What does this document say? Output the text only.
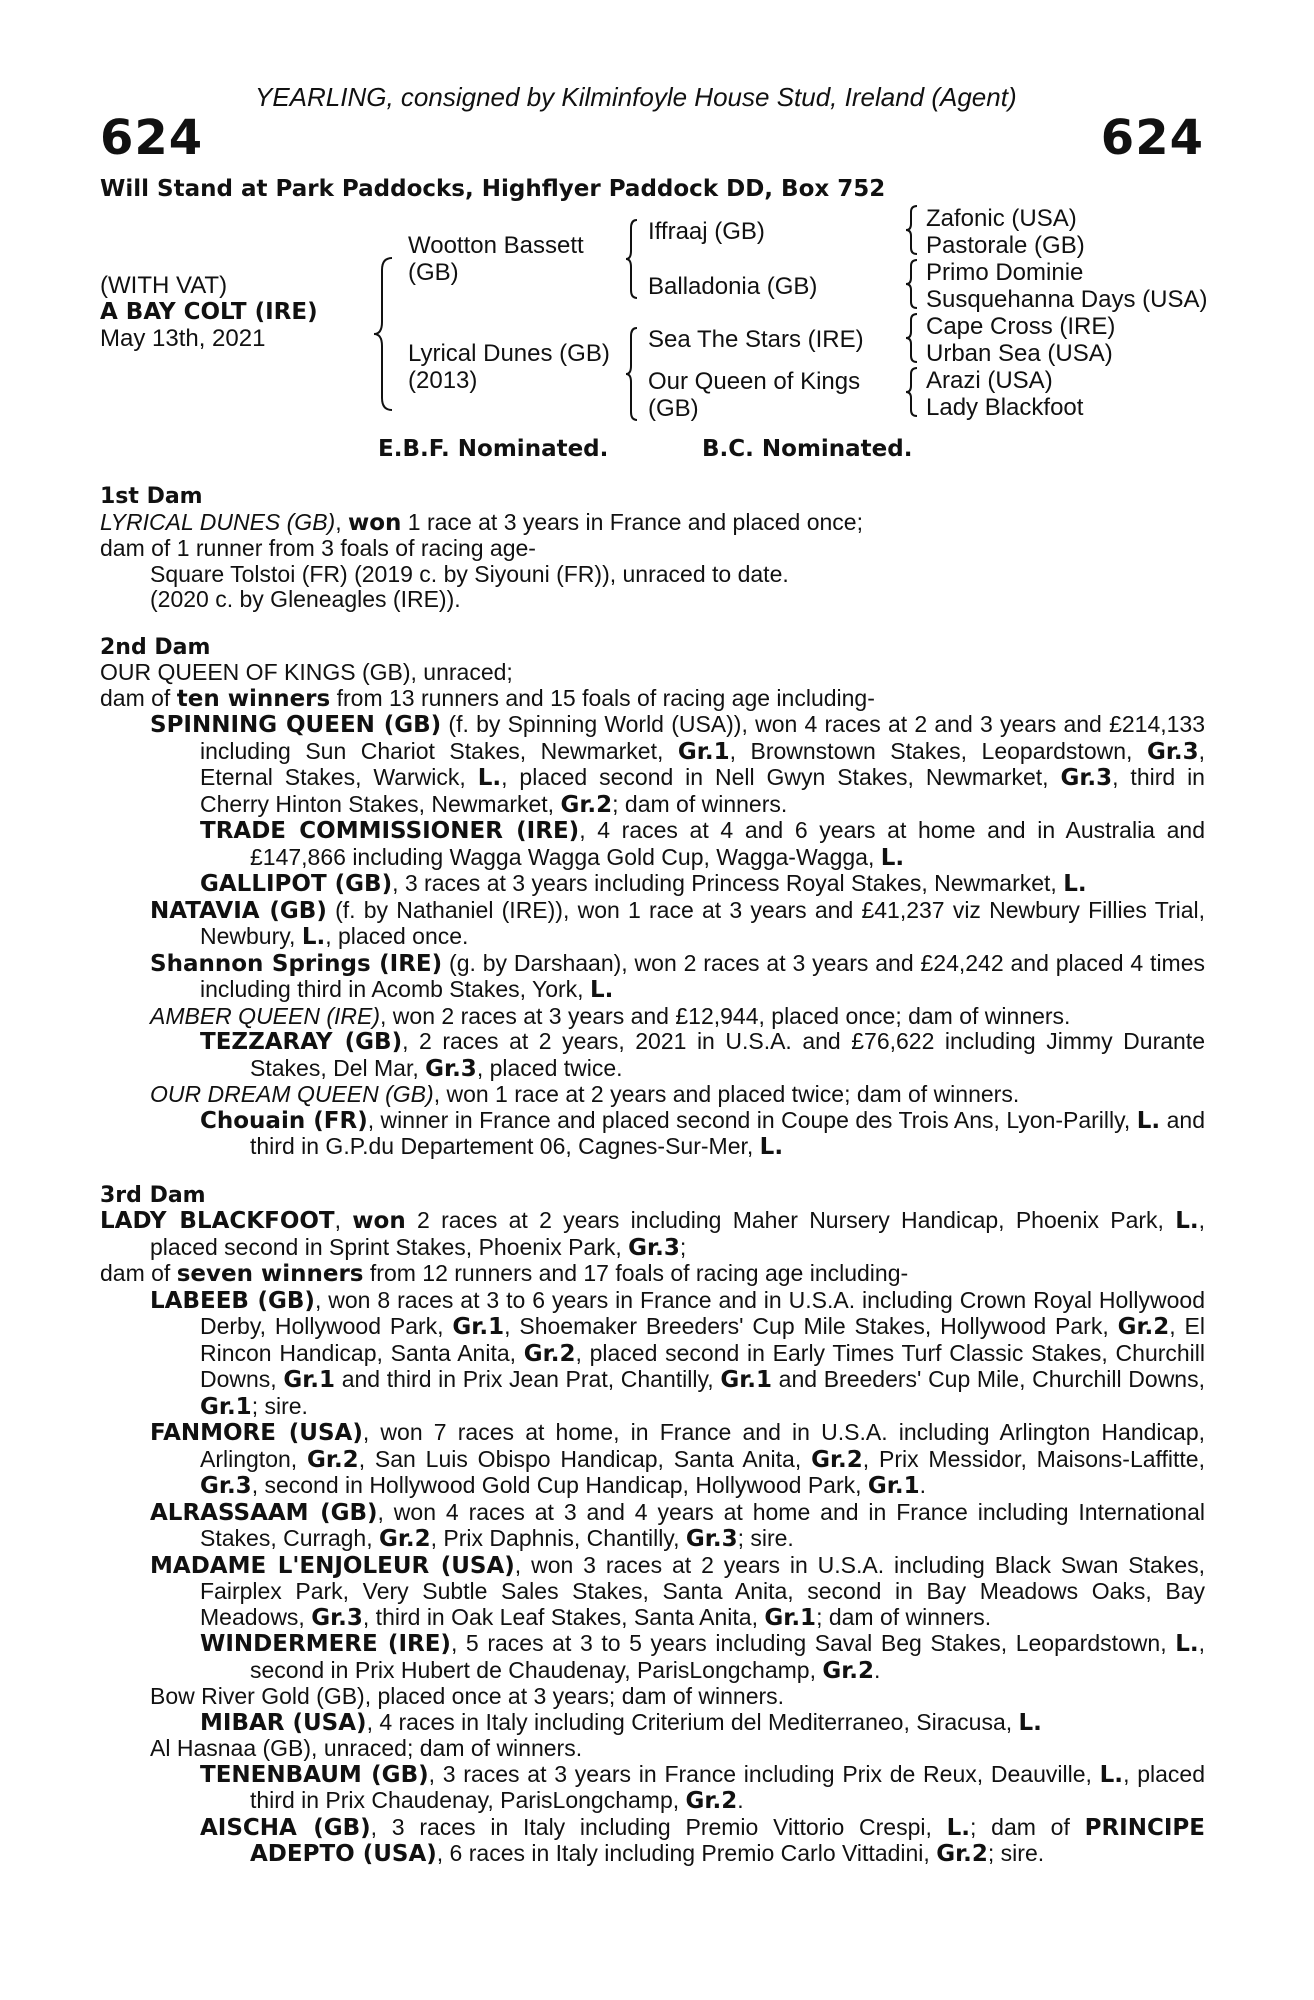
YEARLING, consigned by Kilminfoyle House Stud, Ireland (Agent)
624	624
Will Stand at Park Paddocks, Highflyer Paddock DD, Box 752
(WITH VAT)
A BAY COLT (IRE)
May 13th, 2021
Wootton Bassett
(GB)
Lyrical Dunes (GB)
(2013)
Iffraaj (GB)
Balladonia (GB)
Sea The Stars (IRE)
Our Queen of Kings
(GB)
Zafonic (USA)
Pastorale (GB)
Primo Dominie
Susquehanna Days (USA)
Cape Cross (IRE)
Urban Sea (USA)
Arazi (USA)
Lady Blackfoot
E.B.F. Nominated.	B.C. Nominated.
1st Dam
LYRICAL DUNES (GB), won 1 race at 3 years in France and placed once;
dam of 1 runner from 3 foals of racing age-
Square Tolstoi (FR) (2019 c. by Siyouni (FR)), unraced to date.
(2020 c. by Gleneagles (IRE)).
2nd Dam
OUR QUEEN OF KINGS (GB), unraced;
dam of ten winners from 13 runners and 15 foals of racing age including-
SPINNING QUEEN (GB) (f. by Spinning World (USA)), won 4 races at 2 and 3 years and £214,133 including Sun Chariot Stakes, Newmarket, Gr.1, Brownstown Stakes, Leopardstown, Gr.3, Eternal Stakes, Warwick, L., placed second in Nell Gwyn Stakes, Newmarket, Gr.3, third in Cherry Hinton Stakes, Newmarket, Gr.2; dam of winners.
TRADE COMMISSIONER (IRE), 4 races at 4 and 6 years at home and in Australia and £147,866 including Wagga Wagga Gold Cup, Wagga-Wagga, L.
GALLIPOT (GB), 3 races at 3 years including Princess Royal Stakes, Newmarket, L.
NATAVIA (GB) (f. by Nathaniel (IRE)), won 1 race at 3 years and £41,237 viz Newbury Fillies Trial, Newbury, L., placed once.
Shannon Springs (IRE) (g. by Darshaan), won 2 races at 3 years and £24,242 and placed 4 times including third in Acomb Stakes, York, L.
AMBER QUEEN (IRE), won 2 races at 3 years and £12,944, placed once; dam of winners.
TEZZARAY (GB), 2 races at 2 years, 2021 in U.S.A. and £76,622 including Jimmy Durante Stakes, Del Mar, Gr.3, placed twice.
OUR DREAM QUEEN (GB), won 1 race at 2 years and placed twice; dam of winners.
Chouain (FR), winner in France and placed second in Coupe des Trois Ans, Lyon-Parilly, L. and third in G.P.du Departement 06, Cagnes-Sur-Mer, L.
3rd Dam
LADY BLACKFOOT, won 2 races at 2 years including Maher Nursery Handicap, Phoenix Park, L., placed second in Sprint Stakes, Phoenix Park, Gr.3;
dam of seven winners from 12 runners and 17 foals of racing age including-
LABEEB (GB), won 8 races at 3 to 6 years in France and in U.S.A. including Crown Royal Hollywood Derby, Hollywood Park, Gr.1, Shoemaker Breeders' Cup Mile Stakes, Hollywood Park, Gr.2, El Rincon Handicap, Santa Anita, Gr.2, placed second in Early Times Turf Classic Stakes, Churchill Downs, Gr.1 and third in Prix Jean Prat, Chantilly, Gr.1 and Breeders' Cup Mile, Churchill Downs, Gr.1; sire.
FANMORE (USA), won 7 races at home, in France and in U.S.A. including Arlington Handicap, Arlington, Gr.2, San Luis Obispo Handicap, Santa Anita, Gr.2, Prix Messidor, Maisons-Laffitte, Gr.3, second in Hollywood Gold Cup Handicap, Hollywood Park, Gr.1.
ALRASSAAM (GB), won 4 races at 3 and 4 years at home and in France including International Stakes, Curragh, Gr.2, Prix Daphnis, Chantilly, Gr.3; sire.
MADAME L'ENJOLEUR (USA), won 3 races at 2 years in U.S.A. including Black Swan Stakes, Fairplex Park, Very Subtle Sales Stakes, Santa Anita, second in Bay Meadows Oaks, Bay Meadows, Gr.3, third in Oak Leaf Stakes, Santa Anita, Gr.1; dam of winners.
WINDERMERE (IRE), 5 races at 3 to 5 years including Saval Beg Stakes, Leopardstown, L., second in Prix Hubert de Chaudenay, ParisLongchamp, Gr.2.
Bow River Gold (GB), placed once at 3 years; dam of winners.
MIBAR (USA), 4 races in Italy including Criterium del Mediterraneo, Siracusa, L.
Al Hasnaa (GB), unraced; dam of winners.
TENENBAUM (GB), 3 races at 3 years in France including Prix de Reux, Deauville, L., placed third in Prix Chaudenay, ParisLongchamp, Gr.2.
AISCHA (GB), 3 races in Italy including Premio Vittorio Crespi, L.; dam of PRINCIPE ADEPTO (USA), 6 races in Italy including Premio Carlo Vittadini, Gr.2; sire.
